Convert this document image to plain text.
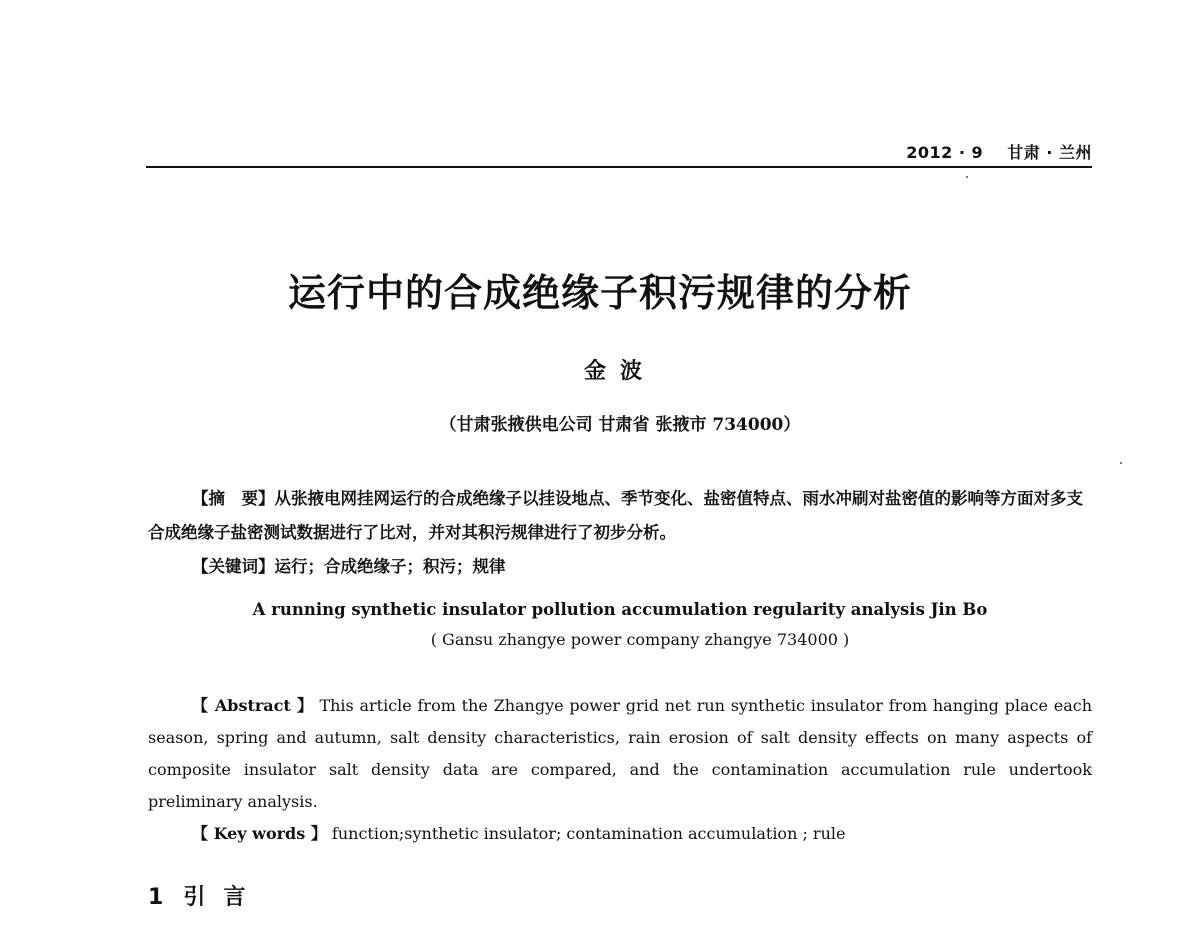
2012 · 9 甘肃 · 兰州
运行中的合成绝缘子积污规律的分析
金波
（甘肃张掖供电公司 甘肃省 张掖市 734000）

【摘　要】从张掖电网挂网运行的合成绝缘子以挂设地点、季节变化、盐密值特点、雨水冲刷对盐密值的影响等方面对多支合成绝缘子盐密测试数据进行了比对，并对其积污规律进行了初步分析。

【关键词】运行；合成绝缘子；积污；规律

A running synthetic insulator pollution accumulation regularity analysis Jin Bo
( Gansu zhangye power company zhangye 734000 )

【 Abstract 】 This article from the Zhangye power grid net run synthetic insulator from hanging place each season, spring and autumn, salt density characteristics, rain erosion of salt density effects on many aspects of composite insulator salt density data are compared, and the contamination accumulation rule undertook preliminary analysis.

【 Key words 】 function;synthetic insulator; contamination accumulation ; rule

1 引言
